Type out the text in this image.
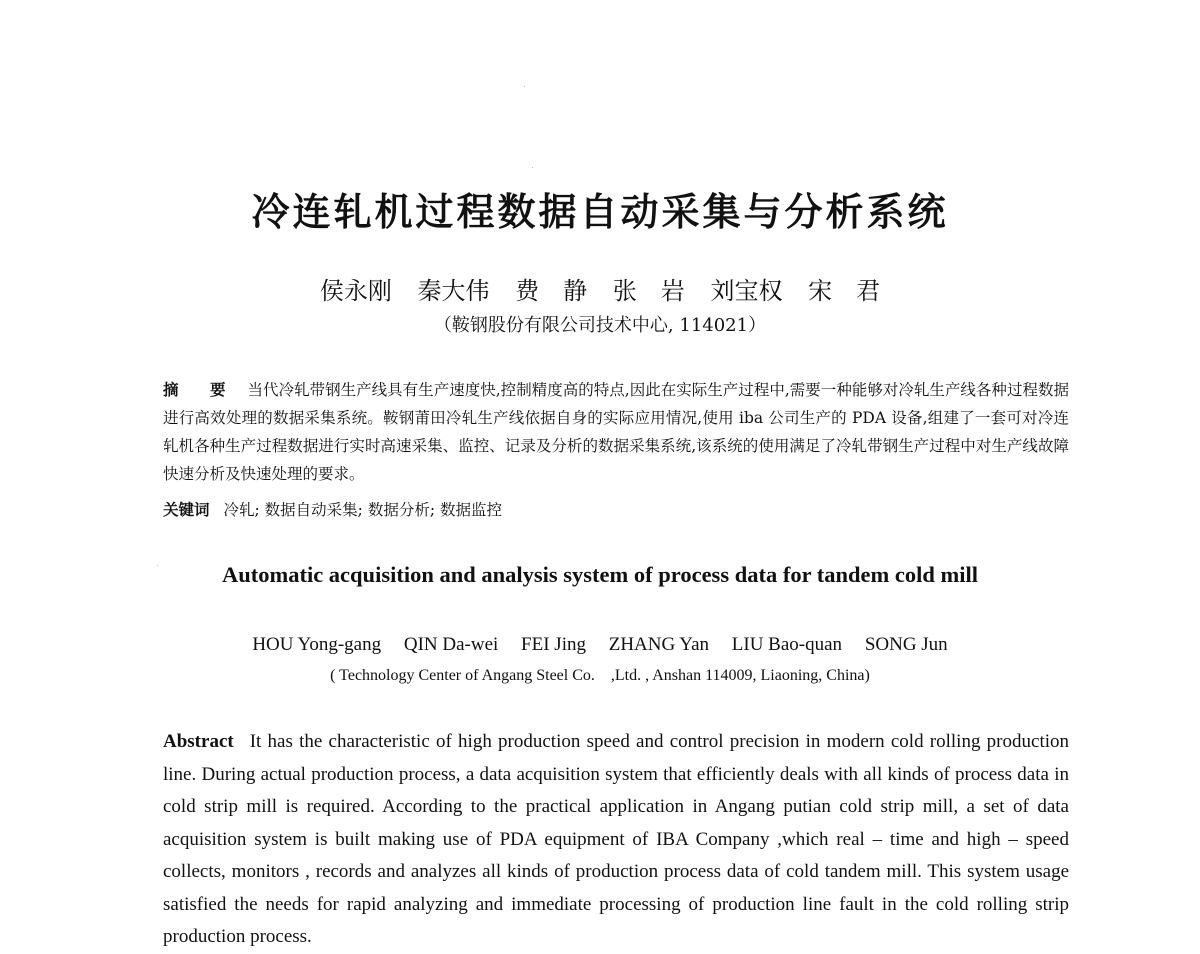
冷连轧机过程数据自动采集与分析系统
侯永刚 秦大伟 费　静 张　岩 刘宝权 宋　君
（鞍钢股份有限公司技术中心, 114021）
摘　要 当代冷轧带钢生产线具有生产速度快,控制精度高的特点,因此在实际生产过程中,需要一种能够对冷轧生产线各种过程数据进行高效处理的数据采集系统。鞍钢莆田冷轧生产线依据自身的实际应用情况,使用 iba 公司生产的 PDA 设备,组建了一套可对冷连轧机各种生产过程数据进行实时高速采集、监控、记录及分析的数据采集系统,该系统的使用满足了冷轧带钢生产过程中对生产线故障快速分析及快速处理的要求。
关键词 冷轧; 数据自动采集; 数据分析; 数据监控
Automatic acquisition and analysis system of process data for tandem cold mill
HOU Yong-gang QIN Da-wei FEI Jing ZHANG Yan LIU Bao-quan SONG Jun
( Technology Center of Angang Steel Co.　,Ltd. , Anshan 114009, Liaoning, China)
Abstract It has the characteristic of high production speed and control precision in modern cold rolling production line. During actual production process, a data acquisition system that efficiently deals with all kinds of process data in cold strip mill is required. According to the practical application in Angang putian cold strip mill, a set of data acquisition system is built making use of PDA equipment of IBA Company ,which real – time and high – speed collects, monitors , records and analyzes all kinds of production process data of cold tandem mill. This system usage satisfied the needs for rapid analyzing and immediate processing of production line fault in the cold rolling strip production process.
